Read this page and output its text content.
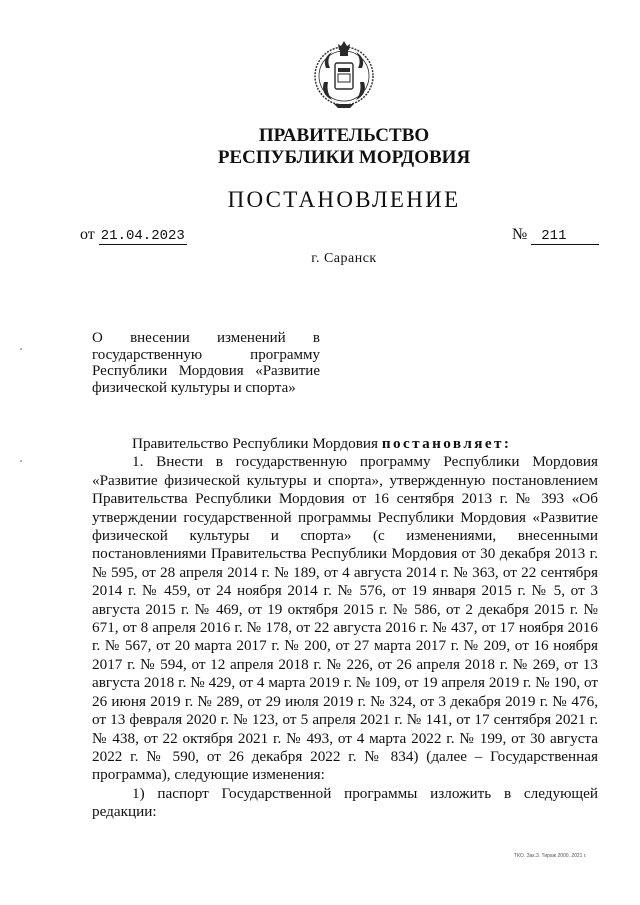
ПРАВИТЕЛЬСТВО
РЕСПУБЛИКИ МОРДОВИЯ
ПОСТАНОВЛЕНИЕ
от 21.04.2023	№ 211
г. Саранск
О внесении изменений в
государственную программу
Республики Мордовия «Развитие
физической культуры и спорта»

Правительство Республики Мордовия постановляет:

1. Внести в государственную программу Республики Мордовия «Развитие физической культуры и спорта», утвержденную постановлением Правительства Республики Мордовия от 16 сентября 2013 г. № 393 «Об утверждении государственной программы Республики Мордовия «Развитие физической культуры и спорта» (с изменениями, внесенными постановлениями Правительства Республики Мордовия от 30 декабря 2013 г. № 595, от 28 апреля 2014 г. № 189, от 4 августа 2014 г. № 363, от 22 сентября 2014 г. № 459, от 24 ноября 2014 г. № 576, от 19 января 2015 г. № 5, от 3 августа 2015 г. № 469, от 19 октября 2015 г. № 586, от 2 декабря 2015 г. № 671, от 8 апреля 2016 г. № 178, от 22 августа 2016 г. № 437, от 17 ноября 2016 г. № 567, от 20 марта 2017 г. № 200, от 27 марта 2017 г. № 209, от 16 ноября 2017 г. № 594, от 12 апреля 2018 г. № 226, от 26 апреля 2018 г. № 269, от 13 августа 2018 г. № 429, от 4 марта 2019 г. № 109, от 19 апреля 2019 г. № 190, от 26 июня 2019 г. № 289, от 29 июля 2019 г. № 324, от 3 декабря 2019 г. № 476, от 13 февраля 2020 г. № 123, от 5 апреля 2021 г. № 141, от 17 сентября 2021 г. № 438, от 22 октября 2021 г. № 493, от 4 марта 2022 г. № 199, от 30 августа 2022 г. № 590, от 26 декабря 2022 г. № 834) (далее – Государственная программа), следующие изменения:

1) паспорт Государственной программы изложить в следующей редакции:

ТКО. Зак.3. Тираж 2000. 2021 г.
